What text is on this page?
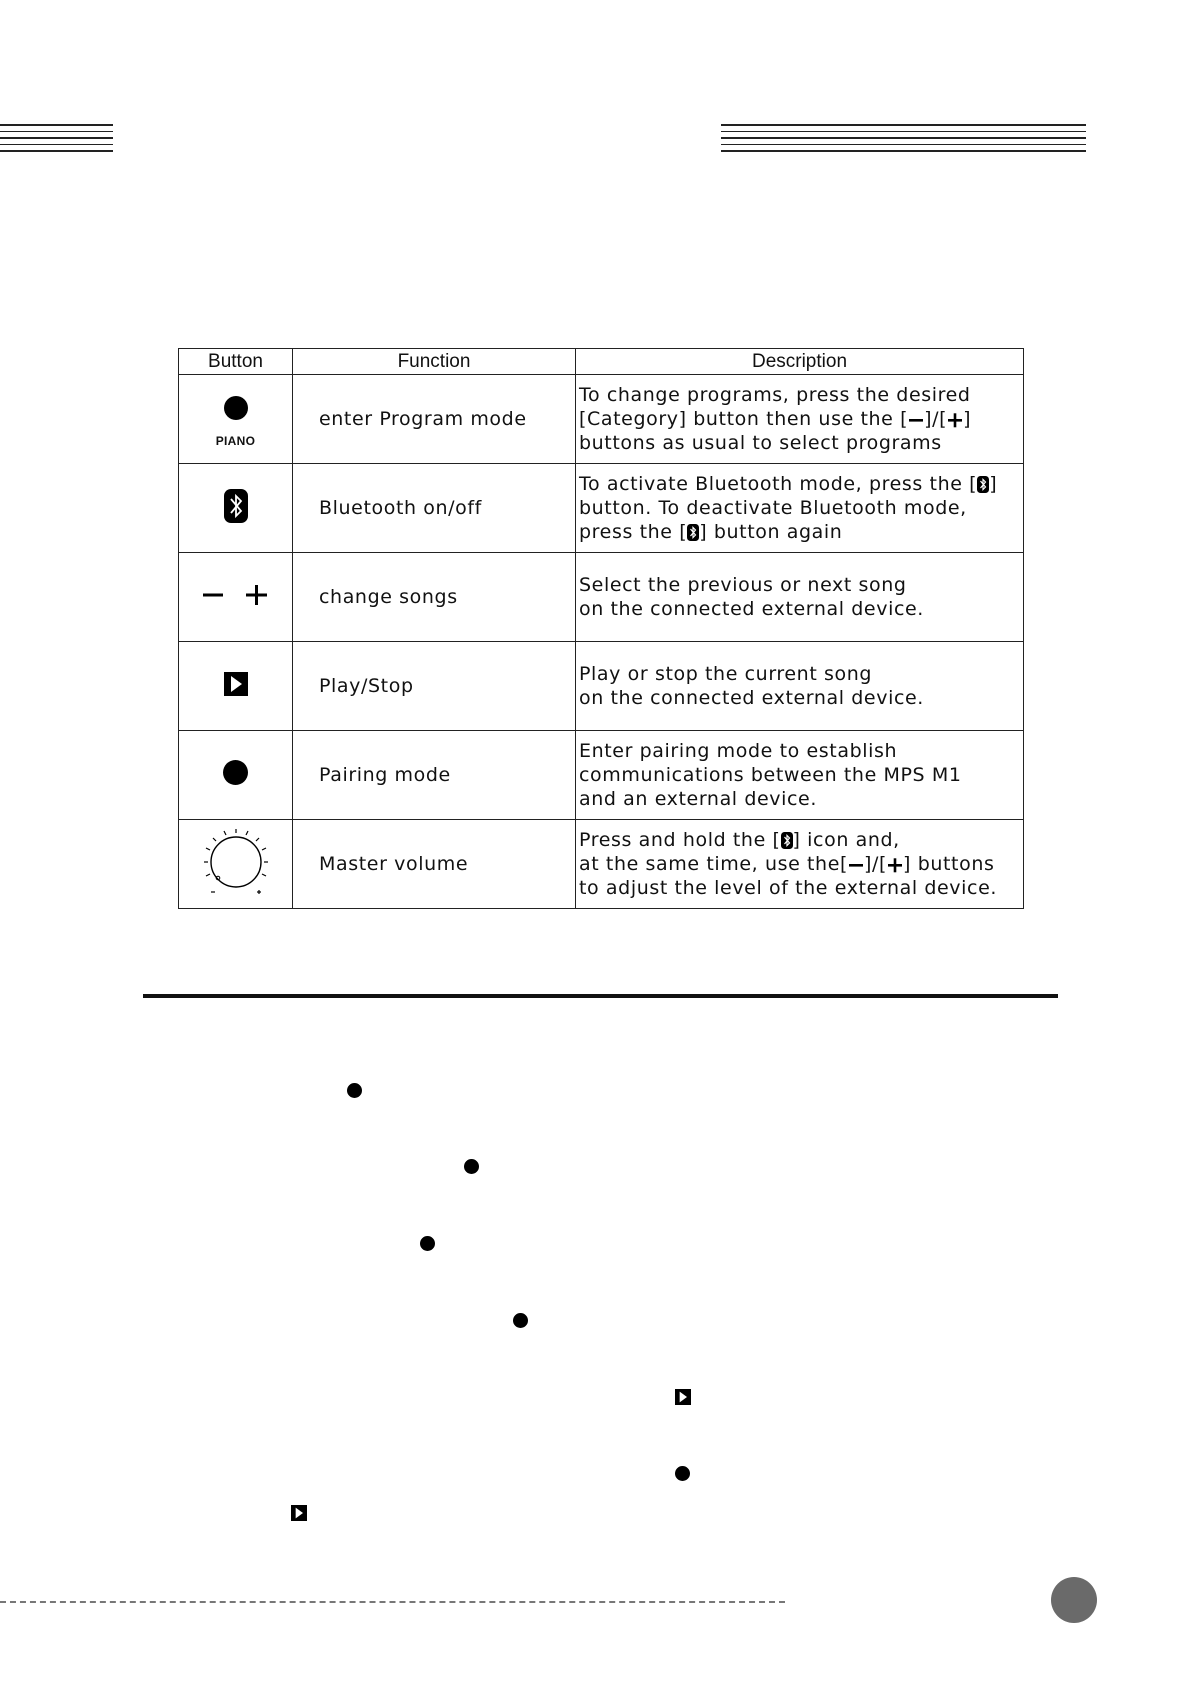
Button	Function	Description

PIANO	enter Program mode	To change programs, press the desired
[Category] button then use the [ ]/[ ]
buttons as usual to select programs

	Bluetooth on/off	To activate Bluetooth mode, press the [ ]
button. To deactivate Bluetooth mode,
press the [ ] button again

	change songs	Select the previous or next song
on the connected external device.

	Play/Stop	Play or stop the current song
on the connected external device.

	Pairing mode	Enter pairing mode to establish
communications between the MPS M1
and an external device.

	Master volume	Press and hold the [ ] icon and,
at the same time, use the[ ]/[ ] buttons
to adjust the level of the external device.
